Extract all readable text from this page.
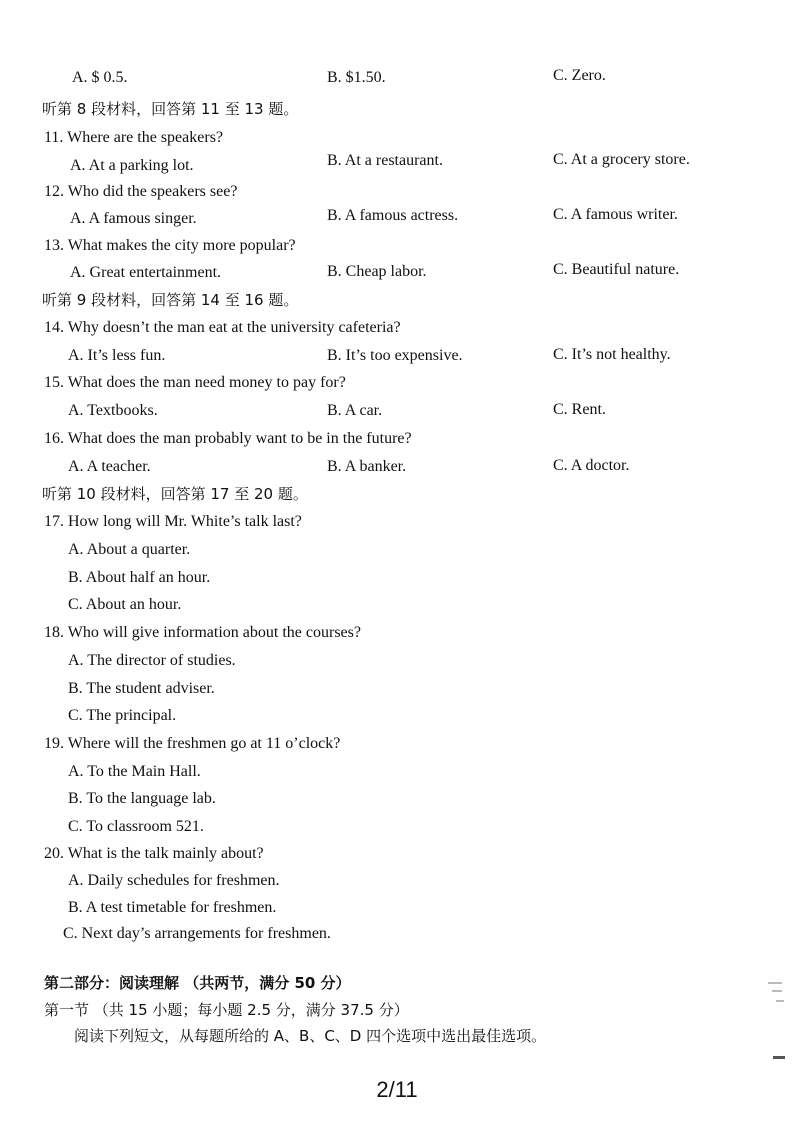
A. $ 0.5.	B. $1.50.	C. Zero.
听第 8 段材料，回答第 11 至 13 题。
11. Where are the speakers?
A. At a parking lot.	B. At a restaurant.	C. At a grocery store.
12. Who did the speakers see?
A. A famous singer.	B. A famous actress.	C. A famous writer.
13. What makes the city more popular?
A. Great entertainment.	B. Cheap labor.	C. Beautiful nature.
听第 9 段材料，回答第 14 至 16 题。
14. Why doesn’t the man eat at the university cafeteria?
A. It’s less fun.	B. It’s too expensive.	C. It’s not healthy.
15. What does the man need money to pay for?
A. Textbooks.	B. A car.	C. Rent.
16. What does the man probably want to be in the future?
A. A teacher.	B. A banker.	C. A doctor.
听第 10 段材料，回答第 17 至 20 题。
17. How long will Mr. White’s talk last?
A. About a quarter.
B. About half an hour.
C. About an hour.
18. Who will give information about the courses?
A. The director of studies.
B. The student adviser.
C. The principal.
19. Where will the freshmen go at 11 o’clock?
A. To the Main Hall.
B. To the language lab.
C. To classroom 521.
20. What is the talk mainly about?
A. Daily schedules for freshmen.
B. A test timetable for freshmen.
C. Next day’s arrangements for freshmen.
第二部分：阅读理解 （共两节，满分 50 分）
第一节 （共 15 小题；每小题 2.5 分，满分 37.5 分）
阅读下列短文，从每题所给的 A、B、C、D 四个选项中选出最佳选项。
2/11
